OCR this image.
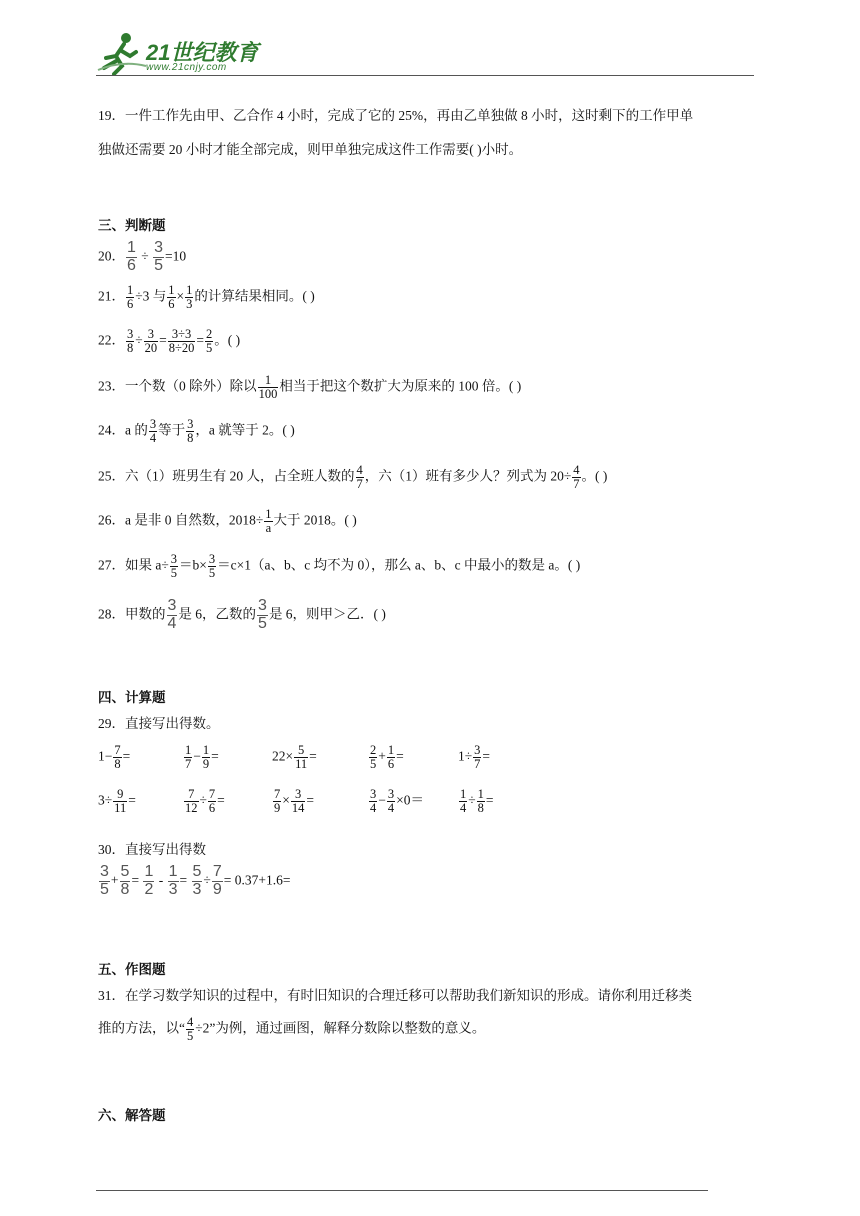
21世纪教育
www.21cnjy.com
19．一件工作先由甲、乙合作 4 小时，完成了它的 25%，再由乙单独做 8 小时，这时剩下的工作甲单
独做还需要 20 小时才能全部完成，则甲单独完成这件工作需要( )小时。
三、判断题
20． $\frac{1}{6} \div \frac{3}{5} =10$
21． $\frac{1}{6} \div 3$ 与 $\frac{1}{6} \times \frac{1}{3}$ 的计算结果相同。( )
22． $\frac{3}{8} \div \frac{3}{20} = \frac{3\div 3}{8\div 20} = \frac{2}{5}$ 。( )
23．一个数（0 除外）除以 $\frac{1}{100}$ 相当于把这个数扩大为原来的 100 倍。( )
24．a 的 $\frac{3}{4}$ 等于 $\frac{3}{8}$ ，a 就等于 2。( )
25．六（1）班男生有 20 人，占全班人数的 $\frac{4}{7}$ ，六（1）班有多少人？列式为 $20\div \frac{4}{7}$ 。( )
26．a 是非 0 自然数，$2018\div \frac{1}{a}$ 大于 2018。( )
27．如果 $a\div \frac{3}{5} =b\times \frac{3}{5} =c\times 1(a$、b、c 均不为 0），那么 a、b、c 中最小的数是 a。( )
28．甲数的 $\frac{3}{4}$ 是 6，乙数的 $\frac{3}{5}$ 是 6，则甲＞乙．( )
四、计算题
29．直接写出得数。
30．直接写出得数
$\frac{3}{5} + \frac{5}{8} = \frac{1}{2} - \frac{1}{3} = \frac{5}{3} \div \frac{7}{9} = 0.37+1.6=$
五、作图题
31．在学习数学知识的过程中，有时旧知识的合理迁移可以帮助我们新知识的形成。请你利用迁移类
推的方法，以“ $\frac{4}{5} \div 2$”为例，通过画图，解释分数除以整数的意义。
六、解答题
$1- \frac{7}{8}$ =	$\frac{1}{7} - \frac{1}{9}$ =	$22\times \frac{5}{11}$ =	$\frac{2}{5} + \frac{1}{6}$ =	$1\div \frac{3}{7}$ =
$3\div \frac{9}{11}$ =	$\frac{7}{12} \div \frac{7}{6}$ =	$\frac{7}{9} \times \frac{3}{14}$ =	$\frac{3}{4} - \frac{3}{4} \times 0=$	$\frac{1}{4} \div \frac{1}{8}$ =
